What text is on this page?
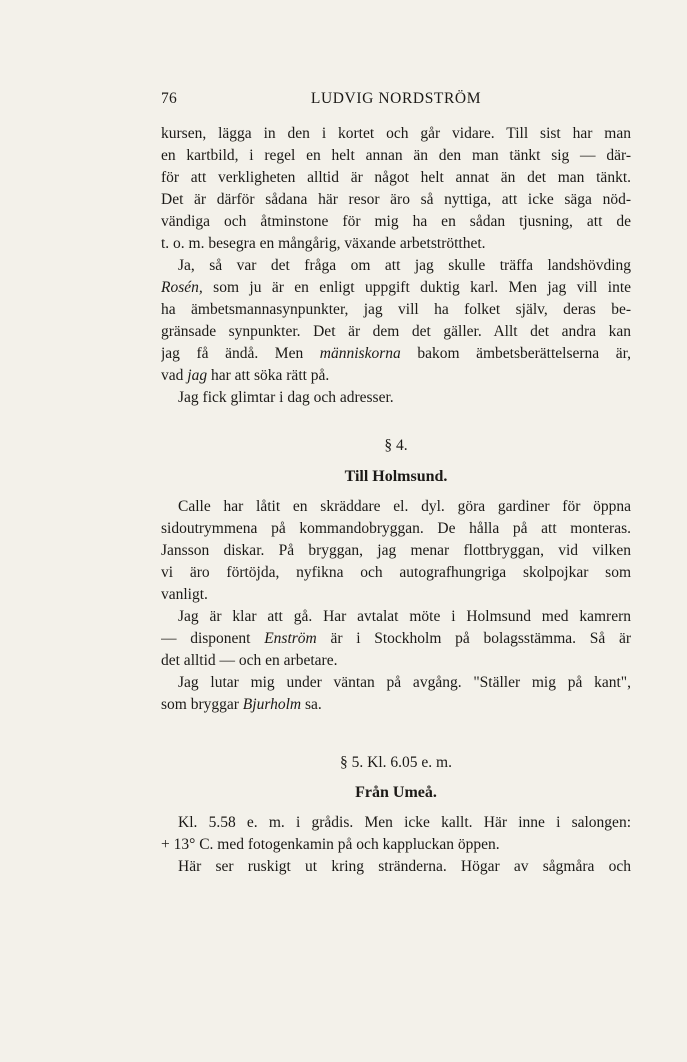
76	LUDVIG NORDSTRÖM
kursen, lägga in den i kortet och går vidare. Till sist har man
en kartbild, i regel en helt annan än den man tänkt sig — där-
för att verkligheten alltid är något helt annat än det man tänkt.
Det är därför sådana här resor äro så nyttiga, att icke säga nöd-
vändiga och åtminstone för mig ha en sådan tjusning, att de
t. o. m. besegra en mångårig, växande arbetströtthet.
Ja, så var det fråga om att jag skulle träffa landshövding
Rosén, som ju är en enligt uppgift duktig karl. Men jag vill inte
ha ämbetsmannasynpunkter, jag vill ha folket själv, deras be-
gränsade synpunkter. Det är dem det gäller. Allt det andra kan
jag få ändå. Men människorna bakom ämbetsberättelserna är,
vad jag har att söka rätt på.
Jag fick glimtar i dag och adresser.
§ 4.
Till Holmsund.
Calle har låtit en skräddare el. dyl. göra gardiner för öppna
sidoutrymmena på kommandobryggan. De hålla på att monteras.
Jansson diskar. På bryggan, jag menar flottbryggan, vid vilken
vi äro förtöjda, nyfikna och autografhungriga skolpojkar som
vanligt.
Jag är klar att gå. Har avtalat möte i Holmsund med kamrern
— disponent Enström är i Stockholm på bolagsstämma. Så är
det alltid — och en arbetare.
Jag lutar mig under väntan på avgång. "Ställer mig på kant",
som bryggar Bjurholm sa.
§ 5. Kl. 6.05 e. m.
Från Umeå.
Kl. 5.58 e. m. i grådis. Men icke kallt. Här inne i salongen:
+ 13° C. med fotogenkamin på och kappluckan öppen.
Här ser ruskigt ut kring stränderna. Högar av sågmåra och
